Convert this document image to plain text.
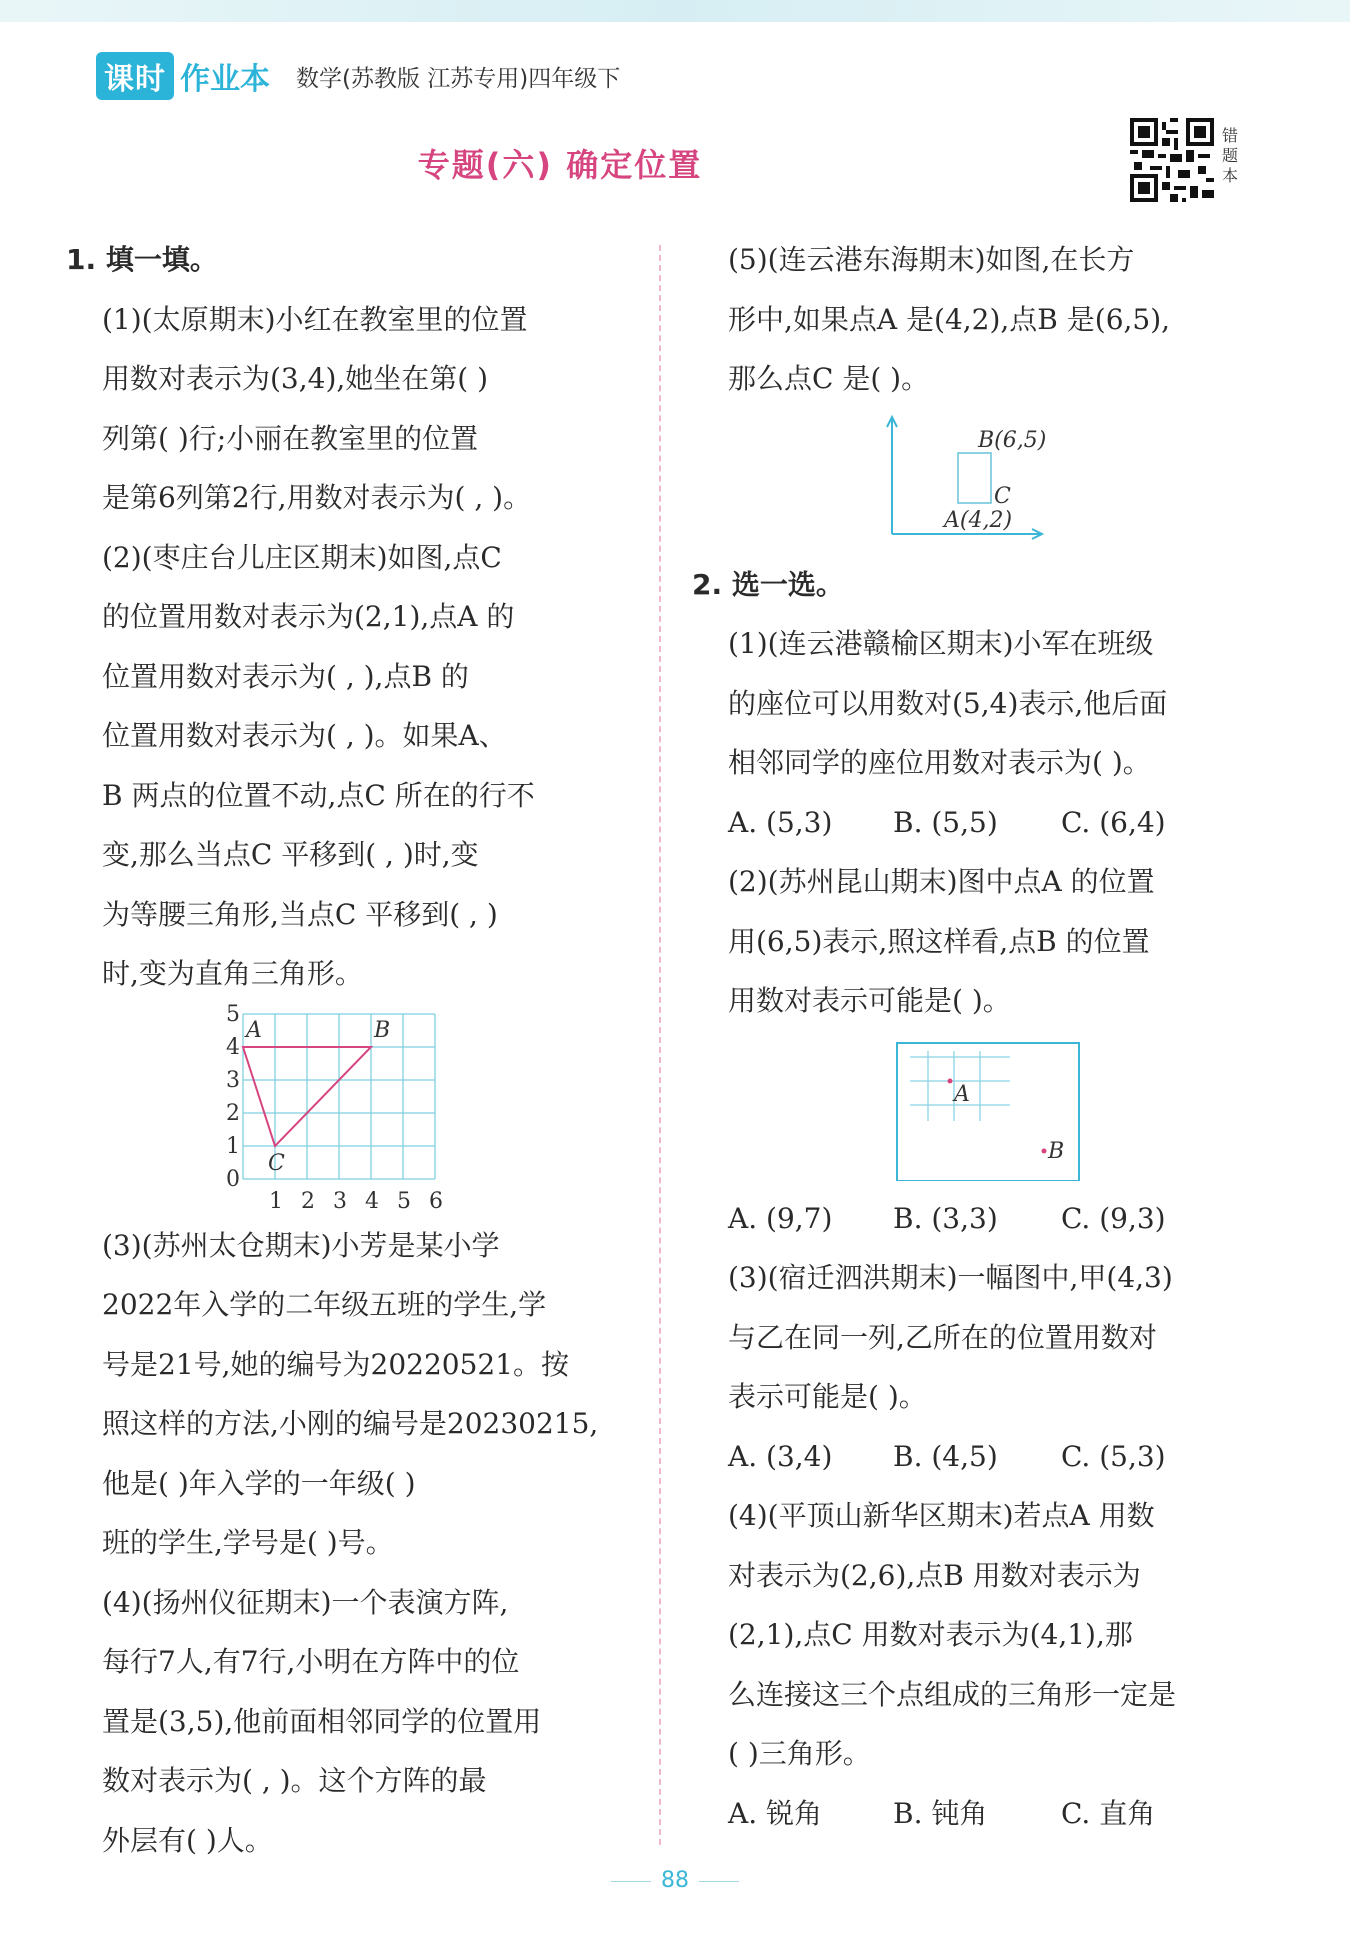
课时 作业本 数学(苏教版 江苏专用)四年级下
专题(六) 确定位置
错题本
1. 填一填。
(1)(太原期末)小红在教室里的位置
用数对表示为(3,4),她坐在第( )
列第( )行;小丽在教室里的位置
是第6列第2行,用数对表示为( , )。
(2)(枣庄台儿庄区期末)如图,点C
的位置用数对表示为(2,1),点A 的
位置用数对表示为( , ),点B 的
位置用数对表示为( , )。如果A、
B 两点的位置不动,点C 所在的行不
变,那么当点C 平移到( , )时,变
为等腰三角形,当点C 平移到( , )
时,变为直角三角形。
5
4
3
2
1
0
1 2 3 4 5 6
A	B
C
(3)(苏州太仓期末)小芳是某小学
2022年入学的二年级五班的学生,学
号是21号,她的编号为20220521。按
照这样的方法,小刚的编号是20230215,
他是( )年入学的一年级( )
班的学生,学号是( )号。
(4)(扬州仪征期末)一个表演方阵,
每行7人,有7行,小明在方阵中的位
置是(3,5),他前面相邻同学的位置用
数对表示为( , )。这个方阵的最
外层有( )人。
(5)(连云港东海期末)如图,在长方
形中,如果点A 是(4,2),点B 是(6,5),
那么点C 是( )。
B(6,5)
C
A(4,2)
2. 选一选。
(1)(连云港赣榆区期末)小军在班级
的座位可以用数对(5,4)表示,他后面
相邻同学的座位用数对表示为( )。
A. (5,3) B. (5,5) C. (6,4)
(2)(苏州昆山期末)图中点A 的位置
用(6,5)表示,照这样看,点B 的位置
用数对表示可能是( )。
A
B
A. (9,7) B. (3,3) C. (9,3)
(3)(宿迁泗洪期末)一幅图中,甲(4,3)
与乙在同一列,乙所在的位置用数对
表示可能是( )。
A. (3,4) B. (4,5) C. (5,3)
(4)(平顶山新华区期末)若点A 用数
对表示为(2,6),点B 用数对表示为
(2,1),点C 用数对表示为(4,1),那
么连接这三个点组成的三角形一定是
( )三角形。
A. 锐角	B. 钝角	C. 直角
88
